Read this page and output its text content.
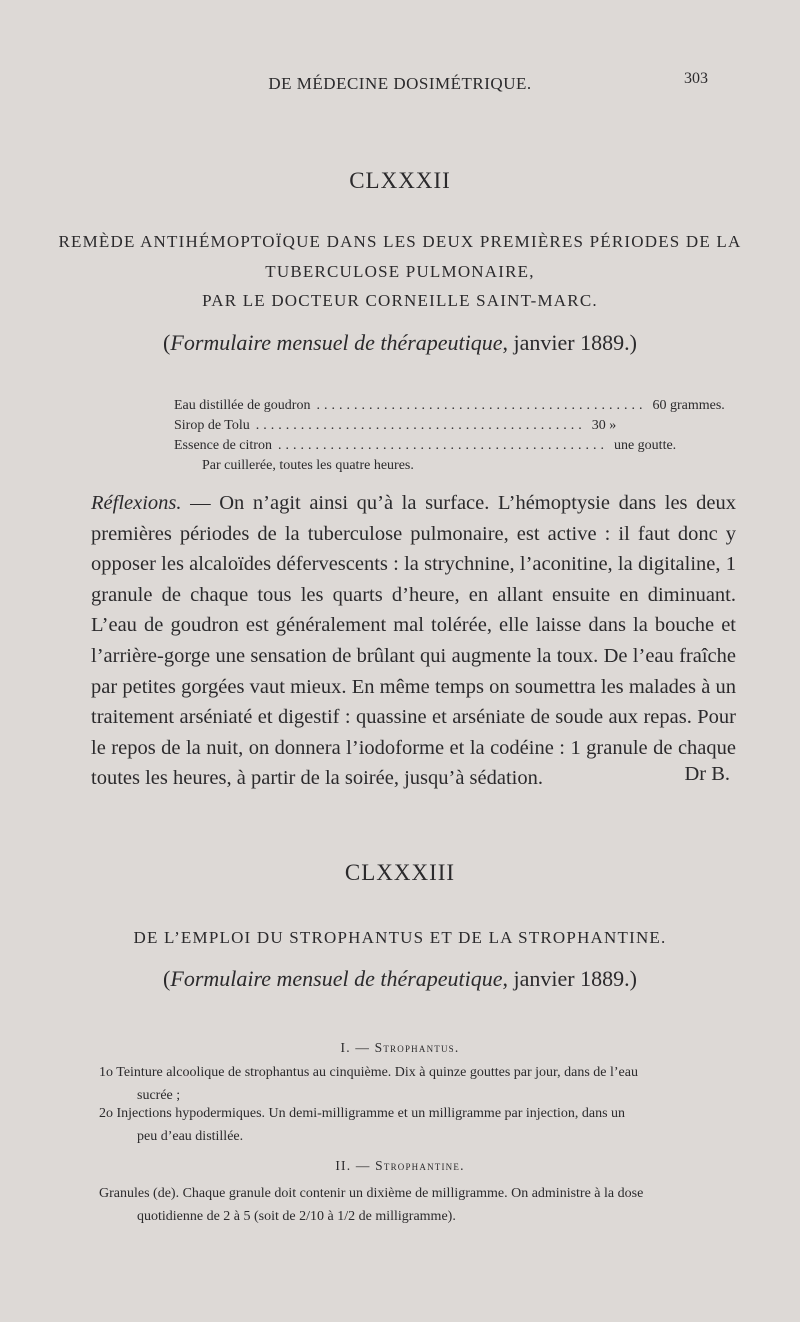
DE MÉDECINE DOSIMÉTRIQUE.	303
CLXXXII
REMÈDE ANTIHÉMOPTOÏQUE DANS LES DEUX PREMIÈRES PÉRIODES DE LA
TUBERCULOSE PULMONAIRE,
PAR LE DOCTEUR CORNEILLE SAINT-MARC.
(Formulaire mensuel de thérapeutique, janvier 1889.)
Eau distillée de goudron ............................................ 60 grammes.
Sirop de Tolu ............................................ 30 »
Essence de citron ............................................ une goutte.
Par cuillerée, toutes les quatre heures.
Réflexions. — On n’agit ainsi qu’à la surface. L’hémoptysie dans les deux premières périodes de la tuberculose pulmonaire, est active : il faut donc y opposer les alcaloïdes défervescents : la strychnine, l’aconitine, la digitaline, 1 granule de chaque tous les quarts d’heure, en allant ensuite en diminuant. L’eau de goudron est généralement mal tolérée, elle laisse dans la bouche et l’arrière-gorge une sensation de brûlant qui augmente la toux. De l’eau fraîche par petites gorgées vaut mieux. En même temps on soumettra les malades à un traitement arséniaté et digestif : quassine et arséniate de soude aux repas. Pour le repos de la nuit, on donnera l’iodoforme et la codéine : 1 granule de chaque toutes les heures, à partir de la soirée, jusqu’à sédation.	Dr B.
CLXXXIII
DE L’EMPLOI DU STROPHANTUS ET DE LA STROPHANTINE.
(Formulaire mensuel de thérapeutique, janvier 1889.)
I. — Strophantus.
1o Teinture alcoolique de strophantus au cinquième. Dix à quinze gouttes par jour, dans de l’eau
sucrée ;
2o Injections hypodermiques. Un demi-milligramme et un milligramme par injection, dans un
peu d’eau distillée.
II. — Strophantine.
Granules (de). Chaque granule doit contenir un dixième de milligramme. On administre à la dose
quotidienne de 2 à 5 (soit de 2/10 à 1/2 de milligramme).
